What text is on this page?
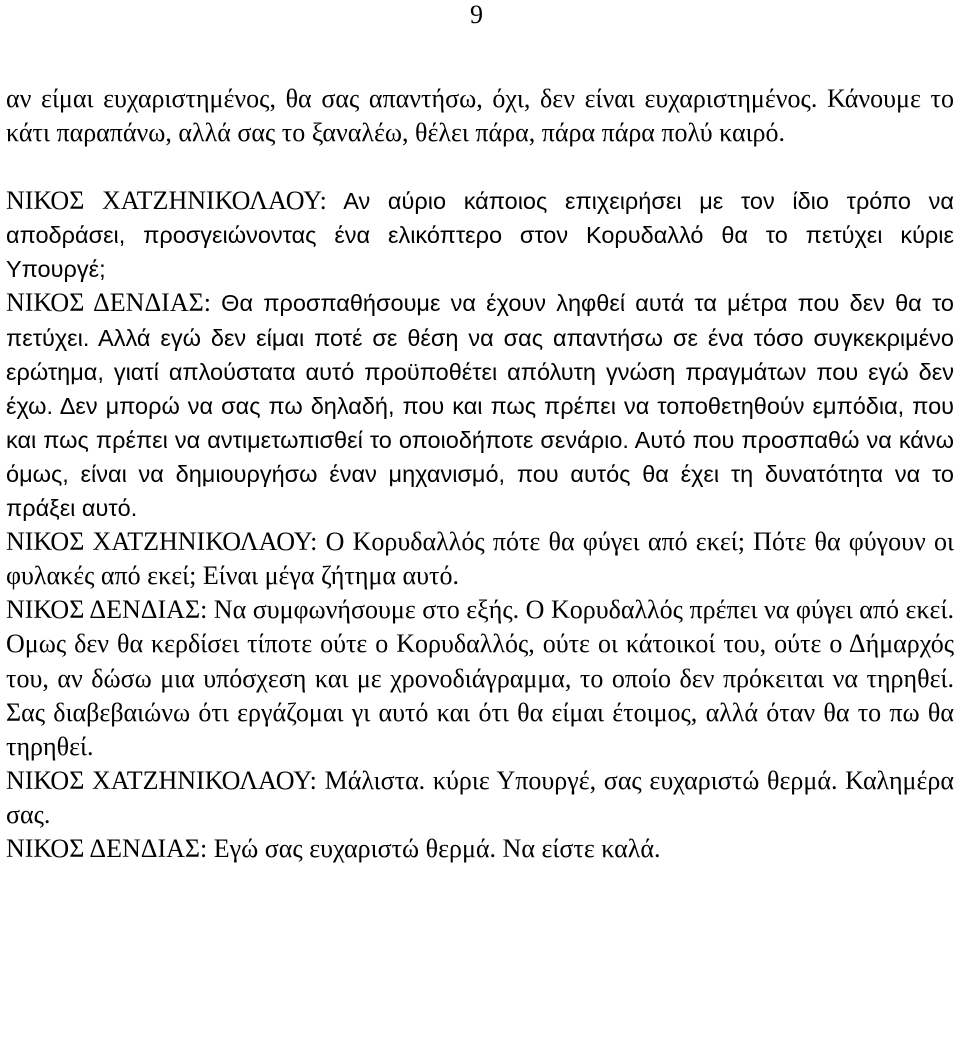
9

αν είμαι ευχαριστημένος, θα σας απαντήσω, όχι, δεν είναι ευχαριστημένος. Κάνουμε το κάτι παραπάνω, αλλά σας το ξαναλέω, θέλει πάρα, πάρα πάρα πολύ καιρό.

ΝΙΚΟΣ ΧΑΤΖΗΝΙΚΟΛΑΟΥ: Αν αύριο κάποιος επιχειρήσει με τον ίδιο τρόπο να αποδράσει, προσγειώνοντας ένα ελικόπτερο στον Κορυδαλλό θα το πετύχει κύριε Υπουργέ;

ΝΙΚΟΣ ΔΕΝΔΙΑΣ: Θα προσπαθήσουμε να έχουν ληφθεί αυτά τα μέτρα που δεν θα το πετύχει. Αλλά εγώ δεν είμαι ποτέ σε θέση να σας απαντήσω σε ένα τόσο συγκεκριμένο ερώτημα, γιατί απλούστατα αυτό προϋποθέτει απόλυτη γνώση πραγμάτων που εγώ δεν έχω. Δεν μπορώ να σας πω δηλαδή, που και πως πρέπει να τοποθετηθούν εμπόδια, που και πως πρέπει να αντιμετωπισθεί το οποιοδήποτε σενάριο. Αυτό που προσπαθώ να κάνω όμως, είναι να δημιουργήσω έναν μηχανισμό, που αυτός θα έχει τη δυνατότητα να το πράξει αυτό.

ΝΙΚΟΣ ΧΑΤΖΗΝΙΚΟΛΑΟΥ: Ο Κορυδαλλός πότε θα φύγει από εκεί; Πότε θα φύγουν οι φυλακές από εκεί; Είναι μέγα ζήτημα αυτό.

ΝΙΚΟΣ ΔΕΝΔΙΑΣ: Να συμφωνήσουμε στο εξής. Ο Κορυδαλλός πρέπει να φύγει από εκεί. Ομως δεν θα κερδίσει τίποτε ούτε ο Κορυδαλλός, ούτε οι κάτοικοί του, ούτε ο Δήμαρχός του, αν δώσω μια υπόσχεση και με χρονοδιάγραμμα, το οποίο δεν πρόκειται να τηρηθεί. Σας διαβεβαιώνω ότι εργάζομαι γι αυτό και ότι θα είμαι έτοιμος, αλλά όταν θα το πω θα τηρηθεί.

ΝΙΚΟΣ ΧΑΤΖΗΝΙΚΟΛΑΟΥ: Μάλιστα. κύριε Υπουργέ, σας ευχαριστώ θερμά. Καλημέρα σας.

ΝΙΚΟΣ ΔΕΝΔΙΑΣ: Εγώ σας ευχαριστώ θερμά. Να είστε καλά.
